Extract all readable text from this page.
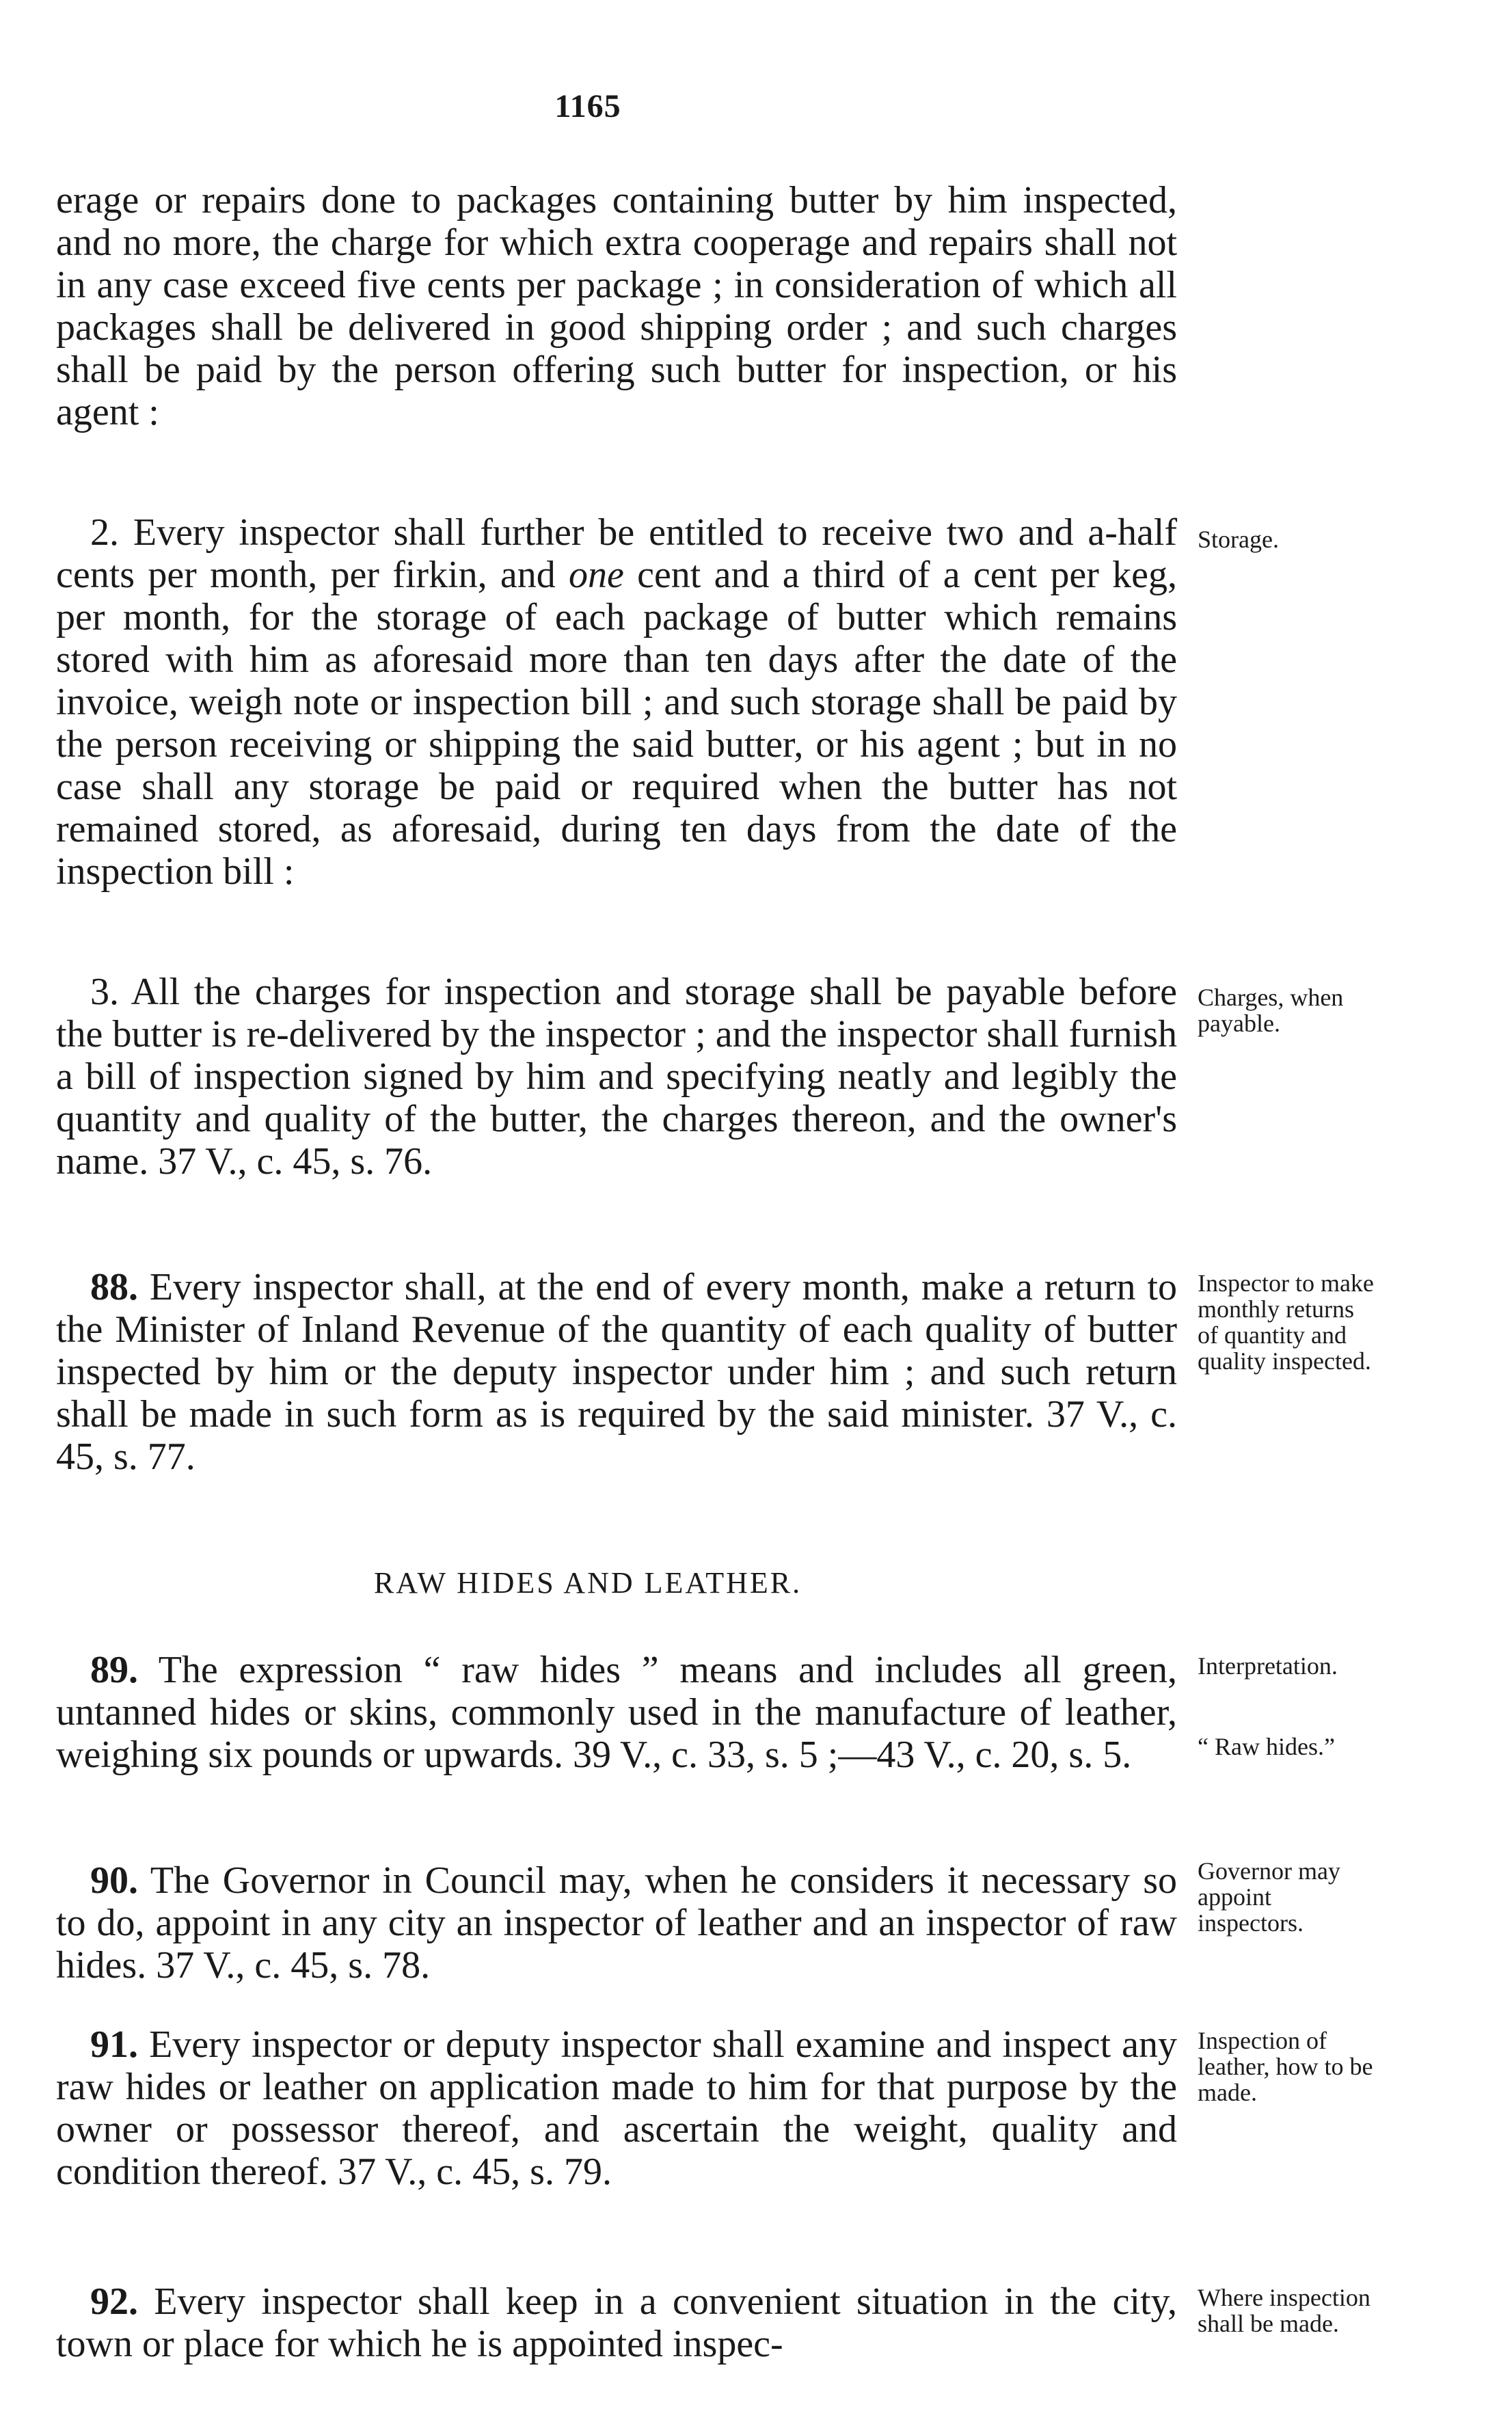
1165

erage or repairs done to packages containing butter by him inspected, and no more, the charge for which extra cooperage and repairs shall not in any case exceed five cents per package ; in consideration of which all packages shall be delivered in good shipping order ; and such charges shall be paid by the person offering such butter for inspection, or his agent :

2. Every inspector shall further be entitled to receive two and a-half cents per month, per firkin, and one cent and a third of a cent per keg, per month, for the storage of each package of butter which remains stored with him as aforesaid more than ten days after the date of the invoice, weigh note or inspection bill ; and such storage shall be paid by the person receiving or shipping the said butter, or his agent ; but in no case shall any storage be paid or required when the butter has not remained stored, as aforesaid, during ten days from the date of the inspection bill :

Storage.

3. All the charges for inspection and storage shall be payable before the butter is re-delivered by the inspector ; and the inspector shall furnish a bill of inspection signed by him and specifying neatly and legibly the quantity and quality of the butter, the charges thereon, and the owner's name. 37 V., c. 45, s. 76.

Charges, when payable.

88. Every inspector shall, at the end of every month, make a return to the Minister of Inland Revenue of the quantity of each quality of butter inspected by him or the deputy inspector under him ; and such return shall be made in such form as is required by the said minister. 37 V., c. 45, s. 77.

Inspector to make monthly returns of quantity and quality inspected.
RAW HIDES AND LEATHER.

89. The expression “ raw hides ” means and includes all green, untanned hides or skins, commonly used in the manufacture of leather, weighing six pounds or upwards. 39 V., c. 33, s. 5 ;—43 V., c. 20, s. 5.

Interpretation.
“ Raw hides.”

90. The Governor in Council may, when he considers it necessary so to do, appoint in any city an inspector of leather and an inspector of raw hides. 37 V., c. 45, s. 78.

Governor may appoint inspectors.

91. Every inspector or deputy inspector shall examine and inspect any raw hides or leather on application made to him for that purpose by the owner or possessor thereof, and ascertain the weight, quality and condition thereof. 37 V., c. 45, s. 79.

Inspection of leather, how to be made.

92. Every inspector shall keep in a convenient situation in the city, town or place for which he is appointed inspec-

Where inspection shall be made.
